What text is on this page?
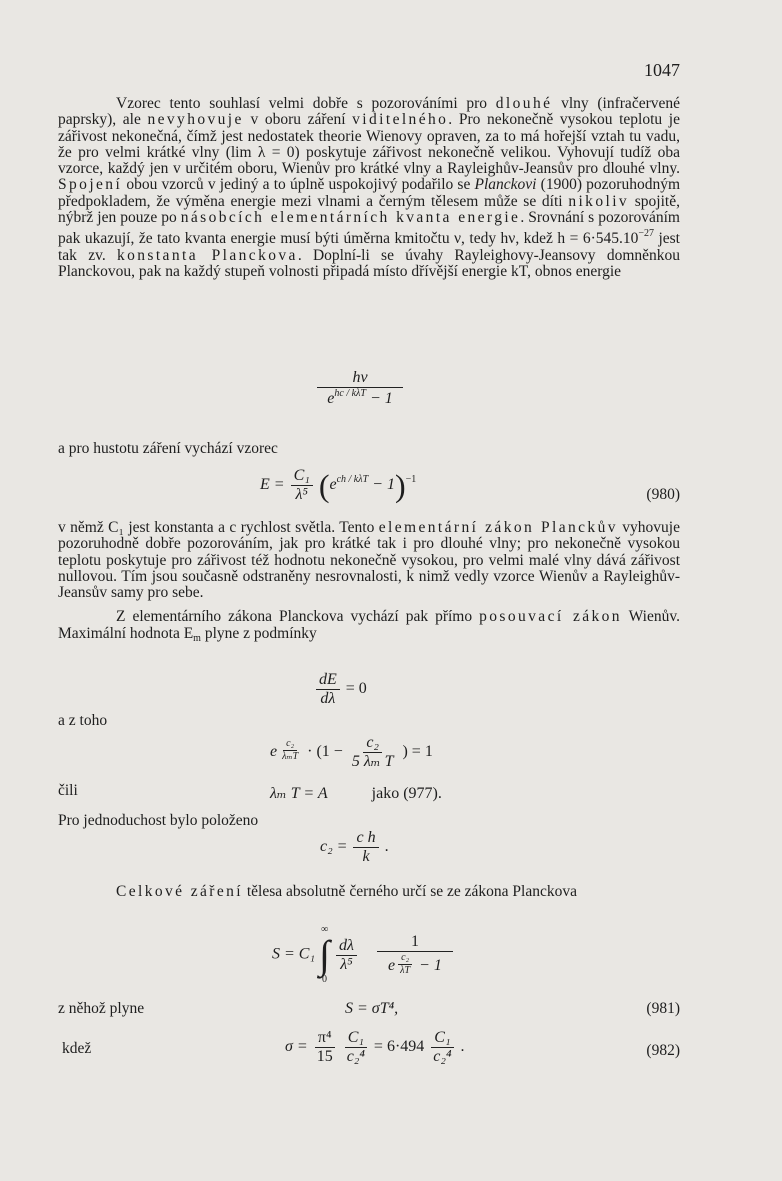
1047

Vzorec tento souhlasí velmi dobře s pozorováními pro dlouhé vlny (infračervené paprsky), ale nevyhovuje v oboru záření viditelného. Pro nekonečně vysokou teplotu je zářivost nekonečná, čímž jest nedostatek theorie Wienovy opraven, za to má hořejší vztah tu vadu, že pro velmi krátké vlny (lim λ = 0) poskytuje zářivost nekonečně velikou. Vyhovují tudíž oba vzorce, každý jen v určitém oboru, Wienův pro krátké vlny a Rayleighův-Jeansův pro dlouhé vlny. Spojení obou vzorců v jediný a to úplně uspokojivý podařilo se Planckovi (1900) pozoruhodným předpokladem, že výměna energie mezi vlnami a černým tělesem může se díti nikoliv spojitě, nýbrž jen pouze po násobcích elementárních kvanta energie. Srovnání s pozorováním pak ukazují, že tato kvanta energie musí býti úměrna kmitočtu ν, tedy hν, kdež $h = 6\cdot 545.10^{-27}$ jest tak zv. konstanta Planckova. Doplní-li se úvahy Rayleighovy-Jeansovy domněnkou Planckovou, pak na každý stupeň volnosti připadá místo dřívější energie kT, obnos energie

$\frac{h\nu}{e^{hc / k\lambda T} - 1}$
a pro hustotu záření vychází vzorec
$E = \frac{\text{C₁}}{\text{λ⁵}} (e^{ch / k\lambda T} - 1)^{-1}$
(980)

v němž C₁ jest konstanta a c rychlost světla. Tento elementární zákon Planckův vyhovuje pozoruhodně dobře pozorováním, jak pro krátké tak i pro dlouhé vlny; pro nekonečně vysokou teplotu poskytuje pro zářivost též hodnotu nekonečně vysokou, pro velmi malé vlny dává zářivost nullovou. Tím jsou současně odstraněny nesrovnalosti, k nimž vedly vzorce Wienův a Rayleighův-Jeansův samy pro sebe.

Z elementárního zákona Planckova vychází pak přímo posouvací zákon Wienův. Maximální hodnota $E_m$ plyne z podmínky

$\frac{dE}{d\lambda} = 0$
a z toho
e $\frac{\text{c₂}}{\text{λₘT}} \cdot (1 - \frac{\text{c₂}}{\text{5 λₘ T}}$ ) = 1
čili	λₘ T = A	jako (977).
Pro jednoduchost bylo položeno
$c_2 = \frac{\text{c h}}{k}$ .

Celkové záření tělesa absolutně černého určí se ze zákona Planckova

S = C₁
∞
∫
0

$\frac{d\lambda}{\text{λ⁵}}$
$\frac{1}{e \frac{\text{c₂}}{\lambda T} - 1}$
z něhož plyne	S = σT⁴,	(981)
kdež	$\sigma = \frac{\text{π⁴}}{15}$
$\frac{\text{C₁}}{\text{c₂⁴}} = 6\cdot 494 \frac{\text{C₁}}{\text{c₂⁴}}$ .	(982)
